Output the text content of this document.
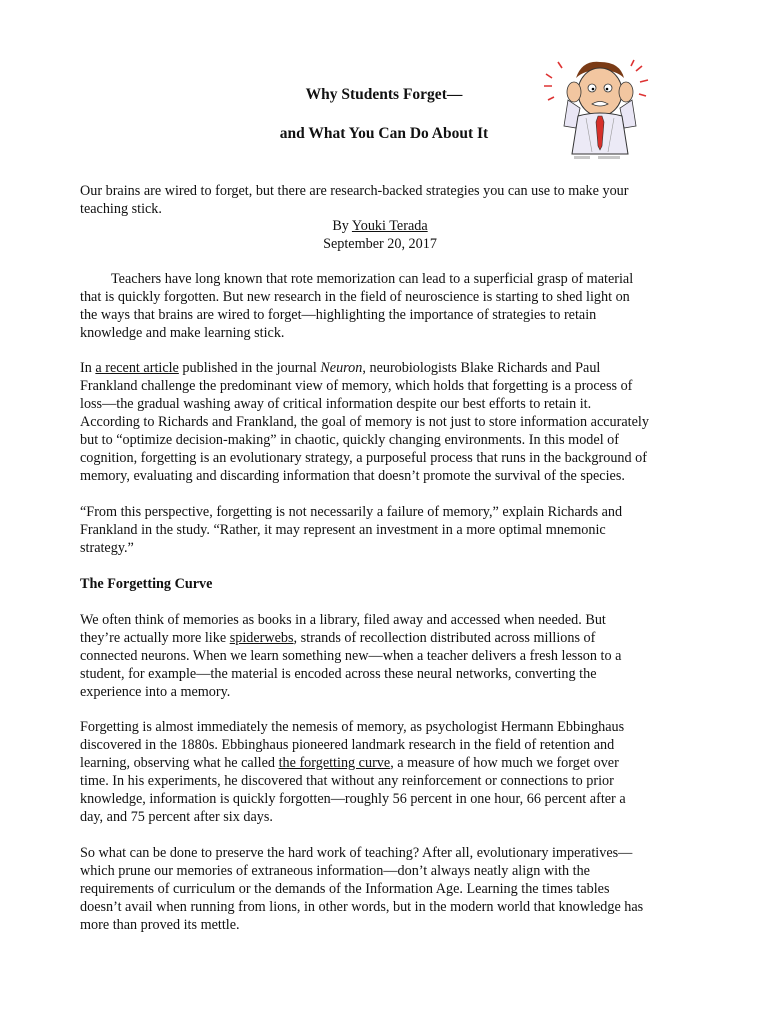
Why Students Forget—
and What You Can Do About It
Our brains are wired to forget, but there are research-backed strategies you can use to make your
teaching stick.
By Youki Terada
September 20, 2017
Teachers have long known that rote memorization can lead to a superficial grasp of material
that is quickly forgotten. But new research in the field of neuroscience is starting to shed light on
the ways that brains are wired to forget—highlighting the importance of strategies to retain
knowledge and make learning stick.
In a recent article published in the journal Neuron, neurobiologists Blake Richards and Paul
Frankland challenge the predominant view of memory, which holds that forgetting is a process of
loss—the gradual washing away of critical information despite our best efforts to retain it.
According to Richards and Frankland, the goal of memory is not just to store information accurately
but to “optimize decision-making” in chaotic, quickly changing environments. In this model of
cognition, forgetting is an evolutionary strategy, a purposeful process that runs in the background of
memory, evaluating and discarding information that doesn’t promote the survival of the species.
“From this perspective, forgetting is not necessarily a failure of memory,” explain Richards and
Frankland in the study. “Rather, it may represent an investment in a more optimal mnemonic
strategy.”
The Forgetting Curve
We often think of memories as books in a library, filed away and accessed when needed. But
they’re actually more like spiderwebs, strands of recollection distributed across millions of
connected neurons. When we learn something new—when a teacher delivers a fresh lesson to a
student, for example—the material is encoded across these neural networks, converting the
experience into a memory.
Forgetting is almost immediately the nemesis of memory, as psychologist Hermann Ebbinghaus
discovered in the 1880s. Ebbinghaus pioneered landmark research in the field of retention and
learning, observing what he called the forgetting curve, a measure of how much we forget over
time. In his experiments, he discovered that without any reinforcement or connections to prior
knowledge, information is quickly forgotten—roughly 56 percent in one hour, 66 percent after a
day, and 75 percent after six days.
So what can be done to preserve the hard work of teaching? After all, evolutionary imperatives—
which prune our memories of extraneous information—don’t always neatly align with the
requirements of curriculum or the demands of the Information Age. Learning the times tables
doesn’t avail when running from lions, in other words, but in the modern world that knowledge has
more than proved its mettle.
